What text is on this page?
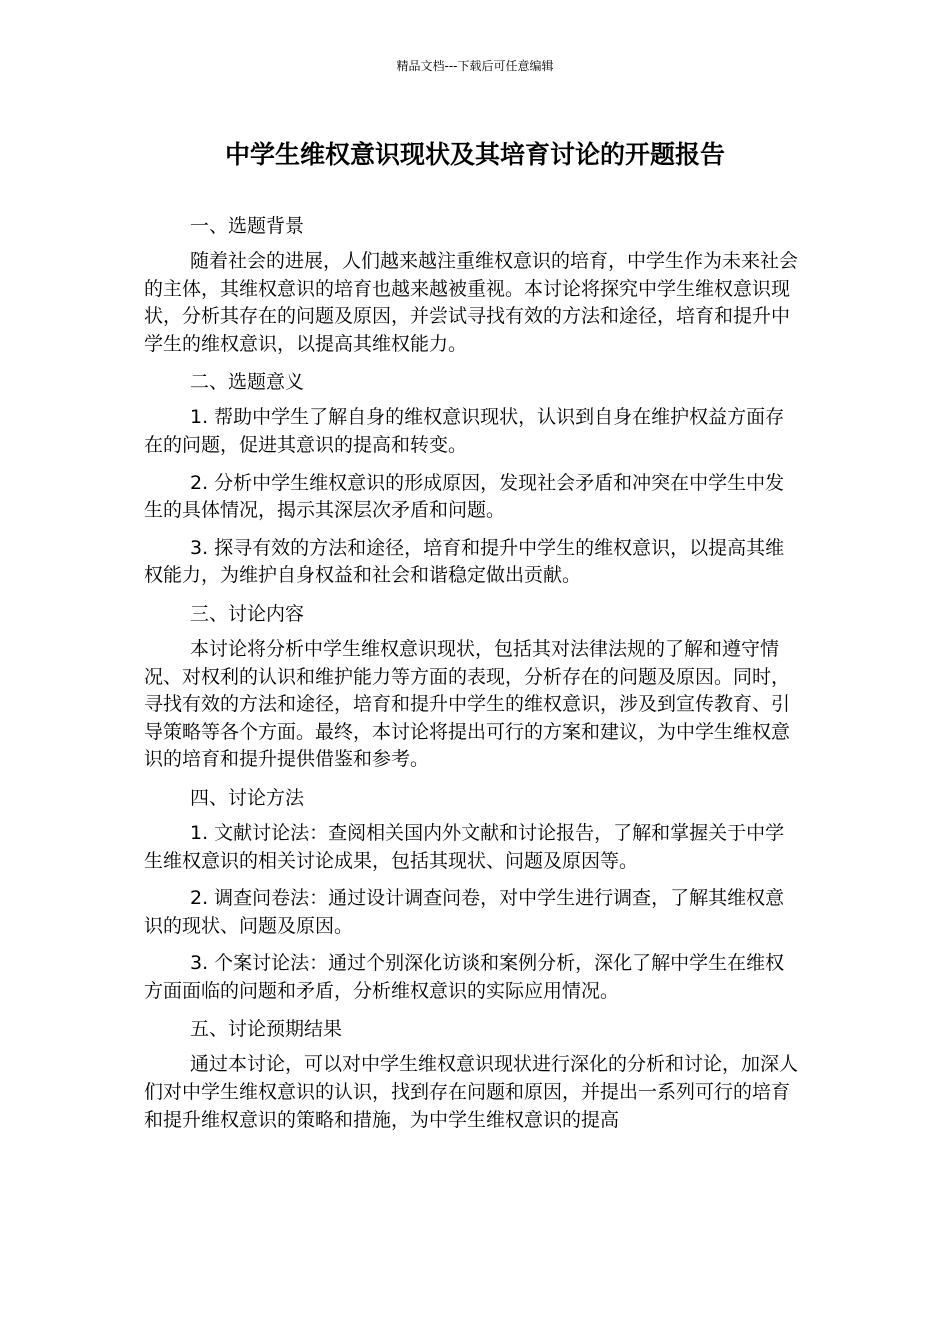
精品文档---下载后可任意编辑
中学生维权意识现状及其培育讨论的开题报告

一、选题背景

随着社会的进展，人们越来越注重维权意识的培育，中学生作为未来社会的主体，其维权意识的培育也越来越被重视。本讨论将探究中学生维权意识现状，分析其存在的问题及原因，并尝试寻找有效的方法和途径，培育和提升中学生的维权意识，以提高其维权能力。

二、选题意义

1. 帮助中学生了解自身的维权意识现状，认识到自身在维护权益方面存在的问题，促进其意识的提高和转变。

2. 分析中学生维权意识的形成原因，发现社会矛盾和冲突在中学生中发生的具体情况，揭示其深层次矛盾和问题。

3. 探寻有效的方法和途径，培育和提升中学生的维权意识，以提高其维权能力，为维护自身权益和社会和谐稳定做出贡献。

三、讨论内容

本讨论将分析中学生维权意识现状，包括其对法律法规的了解和遵守情况、对权利的认识和维护能力等方面的表现，分析存在的问题及原因。同时，寻找有效的方法和途径，培育和提升中学生的维权意识，涉及到宣传教育、引导策略等各个方面。最终，本讨论将提出可行的方案和建议，为中学生维权意识的培育和提升提供借鉴和参考。

四、讨论方法

1. 文献讨论法：查阅相关国内外文献和讨论报告，了解和掌握关于中学生维权意识的相关讨论成果，包括其现状、问题及原因等。

2. 调查问卷法：通过设计调查问卷，对中学生进行调查，了解其维权意识的现状、问题及原因。

3. 个案讨论法：通过个别深化访谈和案例分析，深化了解中学生在维权方面面临的问题和矛盾，分析维权意识的实际应用情况。

五、讨论预期结果

通过本讨论，可以对中学生维权意识现状进行深化的分析和讨论，加深人们对中学生维权意识的认识，找到存在问题和原因，并提出一系列可行的培育和提升维权意识的策略和措施，为中学生维权意识的提高
